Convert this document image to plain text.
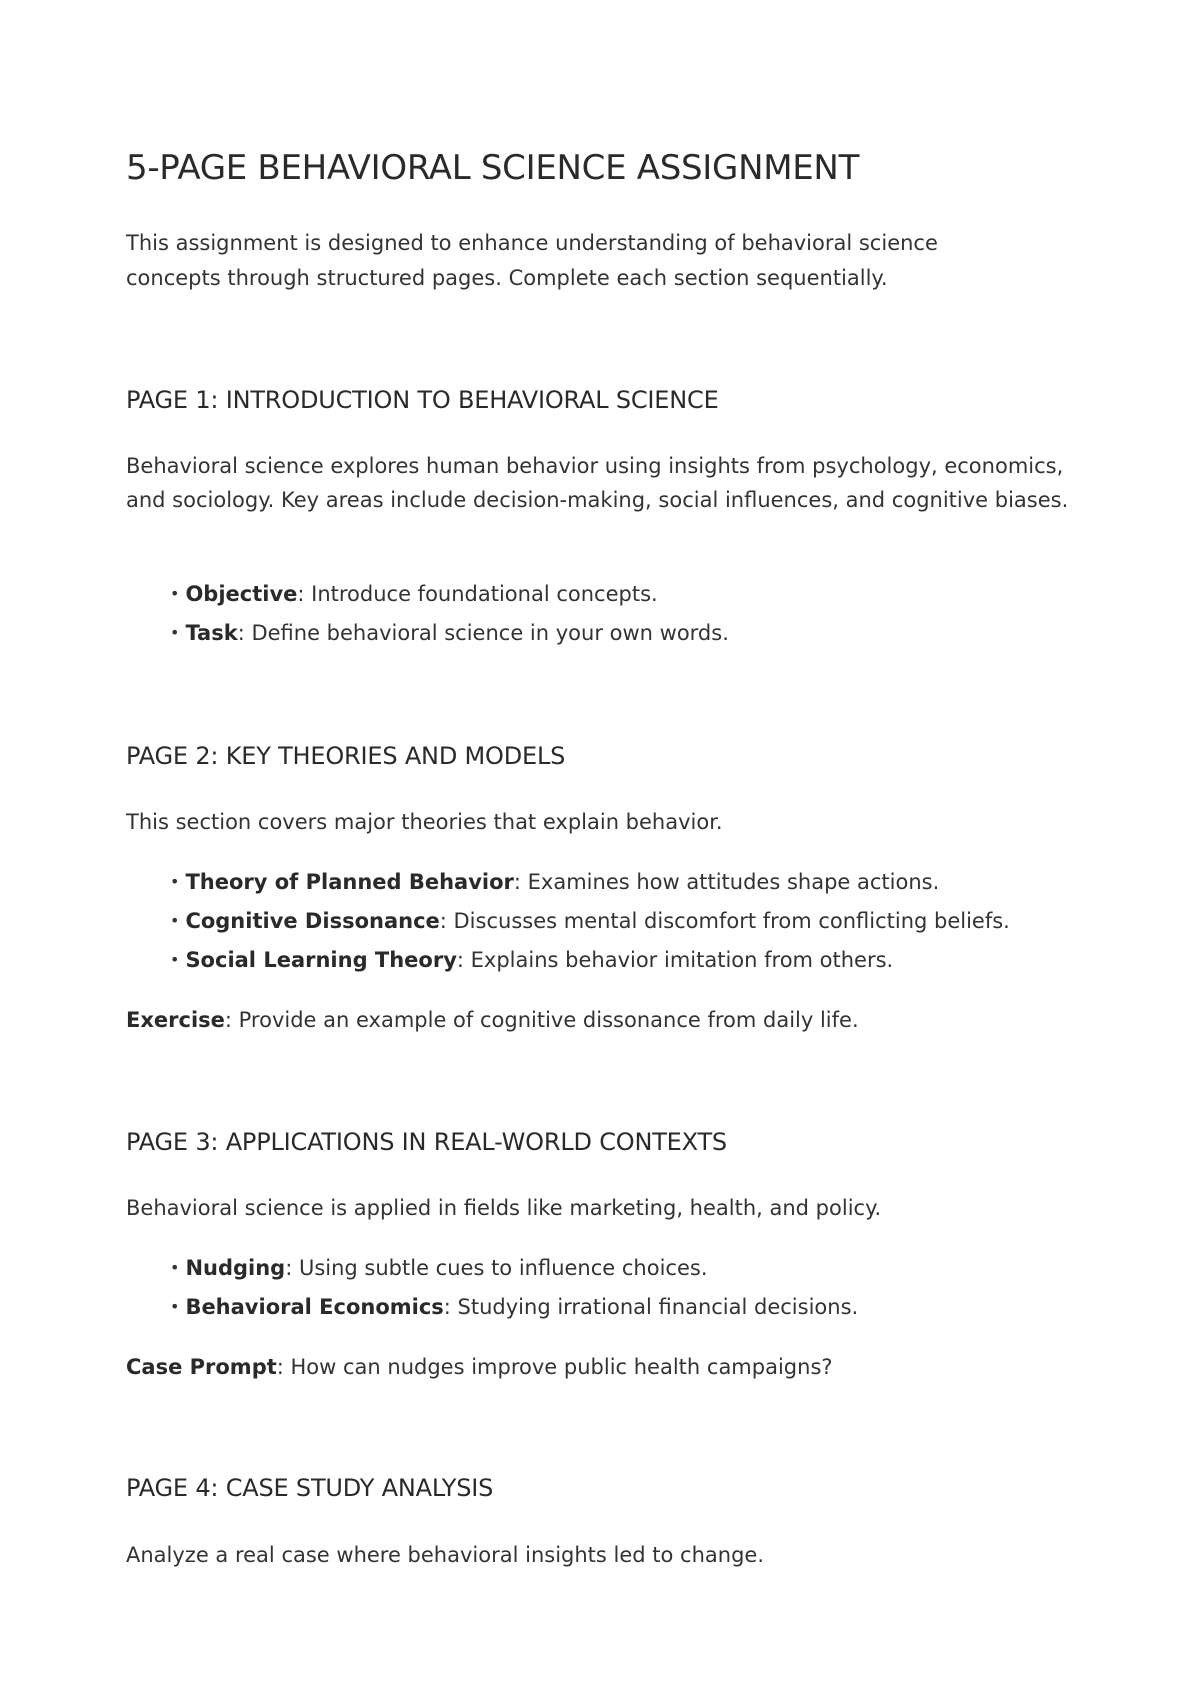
5-PAGE BEHAVIORAL SCIENCE ASSIGNMENT

This assignment is designed to enhance understanding of behavioral science concepts through structured pages. Complete each section sequentially.

PAGE 1: INTRODUCTION TO BEHAVIORAL SCIENCE

Behavioral science explores human behavior using insights from psychology, economics, and sociology. Key areas include decision-making, social influences, and cognitive biases.

• Objective: Introduce foundational concepts.
• Task: Define behavioral science in your own words.
PAGE 2: KEY THEORIES AND MODELS

This section covers major theories that explain behavior.

• Theory of Planned Behavior: Examines how attitudes shape actions.
• Cognitive Dissonance: Discusses mental discomfort from conflicting beliefs.
• Social Learning Theory: Explains behavior imitation from others.

Exercise: Provide an example of cognitive dissonance from daily life.

PAGE 3: APPLICATIONS IN REAL-WORLD CONTEXTS

Behavioral science is applied in fields like marketing, health, and policy.

• Nudging: Using subtle cues to influence choices.
• Behavioral Economics: Studying irrational financial decisions.

Case Prompt: How can nudges improve public health campaigns?

PAGE 4: CASE STUDY ANALYSIS

Analyze a real case where behavioral insights led to change.
